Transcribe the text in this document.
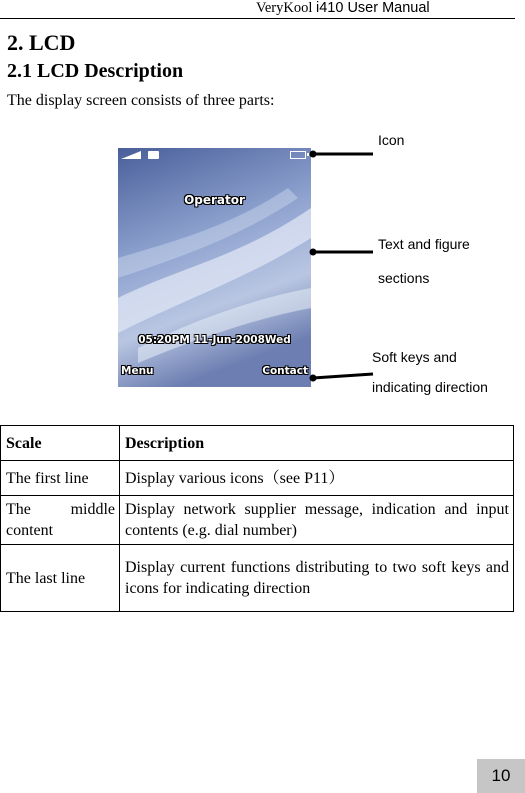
VeryKool i410 User Manual
2. LCD
2.1 LCD Description
The display screen consists of three parts:
Operator
05:20PM 11-Jun-2008Wed
Menu	Contact
Icon
Text and figure
sections
Soft keys and
indicating direction
Scale	Description
The first line	Display various icons（see P11）
The middle content	Display network supplier message, indication and input contents (e.g. dial number)
The last line	Display current functions distributing to two soft keys and icons for indicating direction
10
